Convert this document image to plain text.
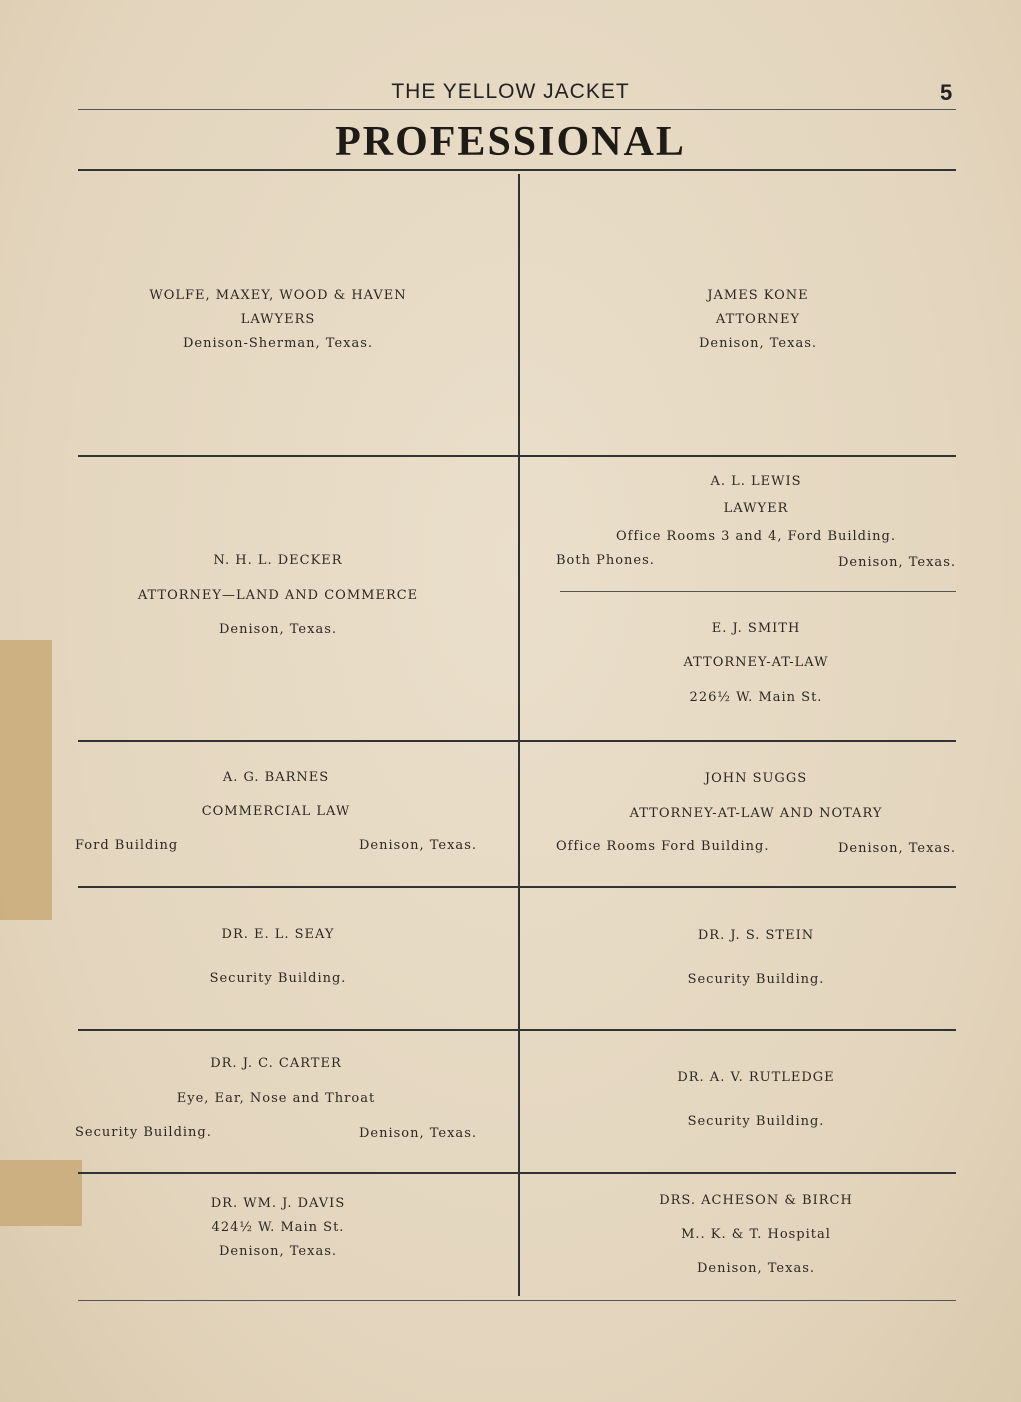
THE YELLOW JACKET	5
PROFESSIONAL
WOLFE, MAXEY, WOOD & HAVEN
LAWYERS
Denison-Sherman, Texas.
JAMES KONE
ATTORNEY
Denison, Texas.
N. H. L. DECKER
ATTORNEY—LAND AND COMMERCE
Denison, Texas.
A. L. LEWIS
LAWYER
Office Rooms 3 and 4, Ford Building.
Both Phones.	Denison, Texas.
E. J. SMITH
ATTORNEY-AT-LAW
226½ W. Main St.
A. G. BARNES
COMMERCIAL LAW
Ford Building	Denison, Texas.
JOHN SUGGS
ATTORNEY-AT-LAW AND NOTARY
Office Rooms Ford Building.	Denison, Texas.
DR. E. L. SEAY
Security Building.
DR. J. S. STEIN
Security Building.
DR. J. C. CARTER
Eye, Ear, Nose and Throat
Security Building.	Denison, Texas.
DR. A. V. RUTLEDGE
Security Building.
DR. WM. J. DAVIS
424½ W. Main St.
Denison, Texas.
DRS. ACHESON & BIRCH
M.. K. & T. Hospital
Denison, Texas.
